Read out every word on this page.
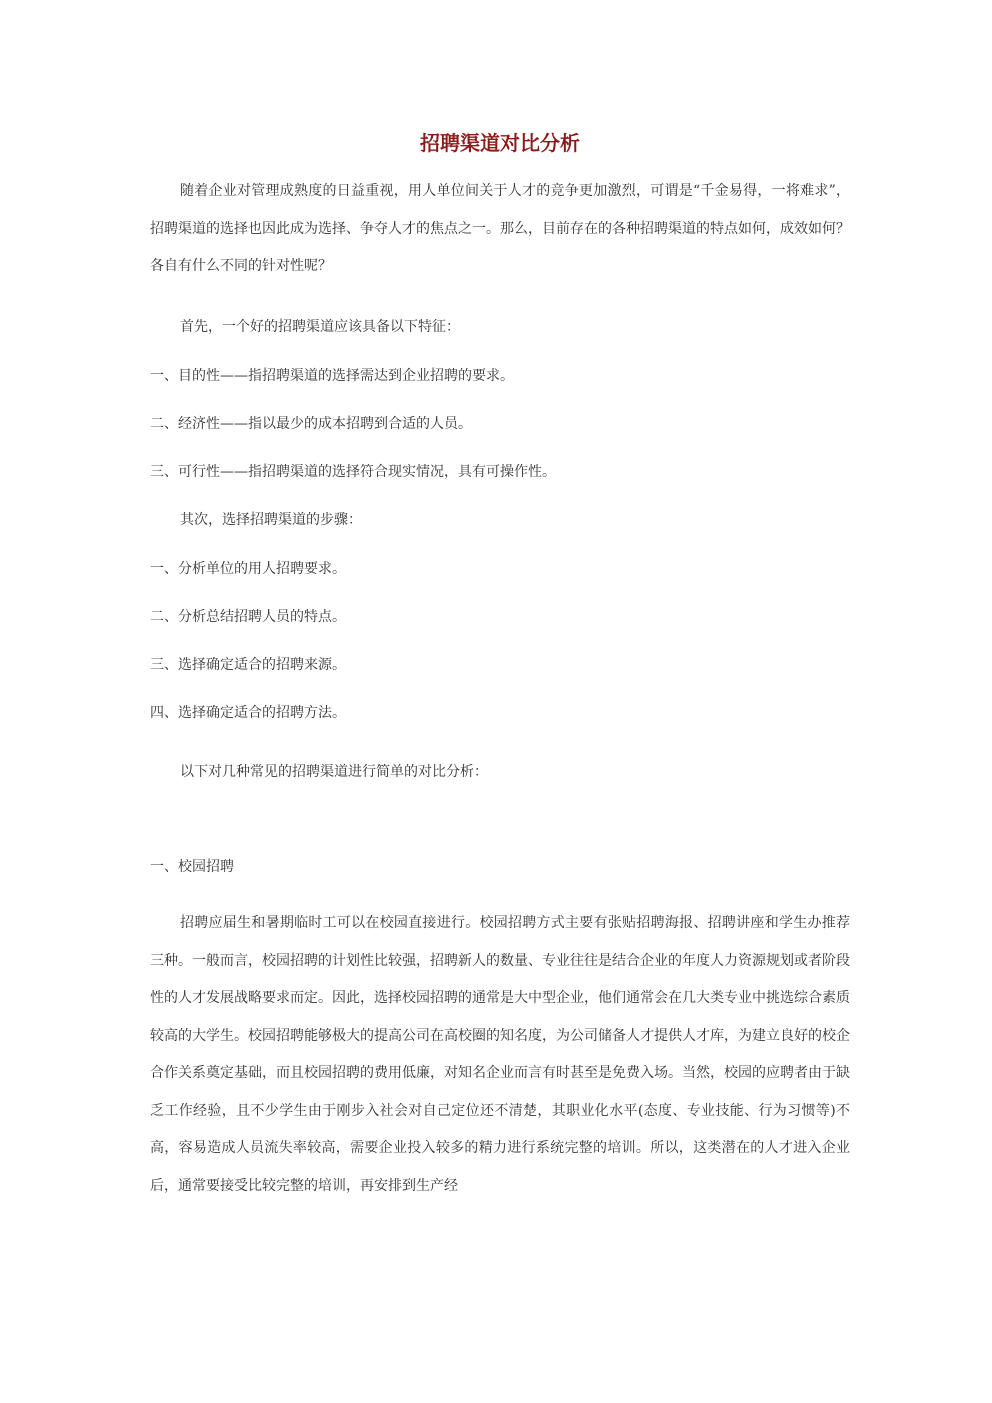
招聘渠道对比分析

随着企业对管理成熟度的日益重视，用人单位间关于人才的竞争更加激烈，可谓是“千金易得，一将难求”，招聘渠道的选择也因此成为选择、争夺人才的焦点之一。那么，目前存在的各种招聘渠道的特点如何，成效如何？各自有什么不同的针对性呢？

首先，一个好的招聘渠道应该具备以下特征：

一、目的性——指招聘渠道的选择需达到企业招聘的要求。

二、经济性——指以最少的成本招聘到合适的人员。

三、可行性——指招聘渠道的选择符合现实情况，具有可操作性。

其次，选择招聘渠道的步骤：

一、分析单位的用人招聘要求。

二、分析总结招聘人员的特点。

三、选择确定适合的招聘来源。

四、选择确定适合的招聘方法。

以下对几种常见的招聘渠道进行简单的对比分析：

一、校园招聘

招聘应届生和暑期临时工可以在校园直接进行。校园招聘方式主要有张贴招聘海报、招聘讲座和学生办推荐三种。一般而言，校园招聘的计划性比较强，招聘新人的数量、专业往往是结合企业的年度人力资源规划或者阶段性的人才发展战略要求而定。因此，选择校园招聘的通常是大中型企业，他们通常会在几大类专业中挑选综合素质较高的大学生。校园招聘能够极大的提高公司在高校圈的知名度，为公司储备人才提供人才库，为建立良好的校企合作关系奠定基础，而且校园招聘的费用低廉，对知名企业而言有时甚至是免费入场。当然，校园的应聘者由于缺乏工作经验，且不少学生由于刚步入社会对自己定位还不清楚，其职业化水平(态度、专业技能、行为习惯等)不高，容易造成人员流失率较高，需要企业投入较多的精力进行系统完整的培训。所以，这类潜在的人才进入企业后，通常要接受比较完整的培训，再安排到生产经
